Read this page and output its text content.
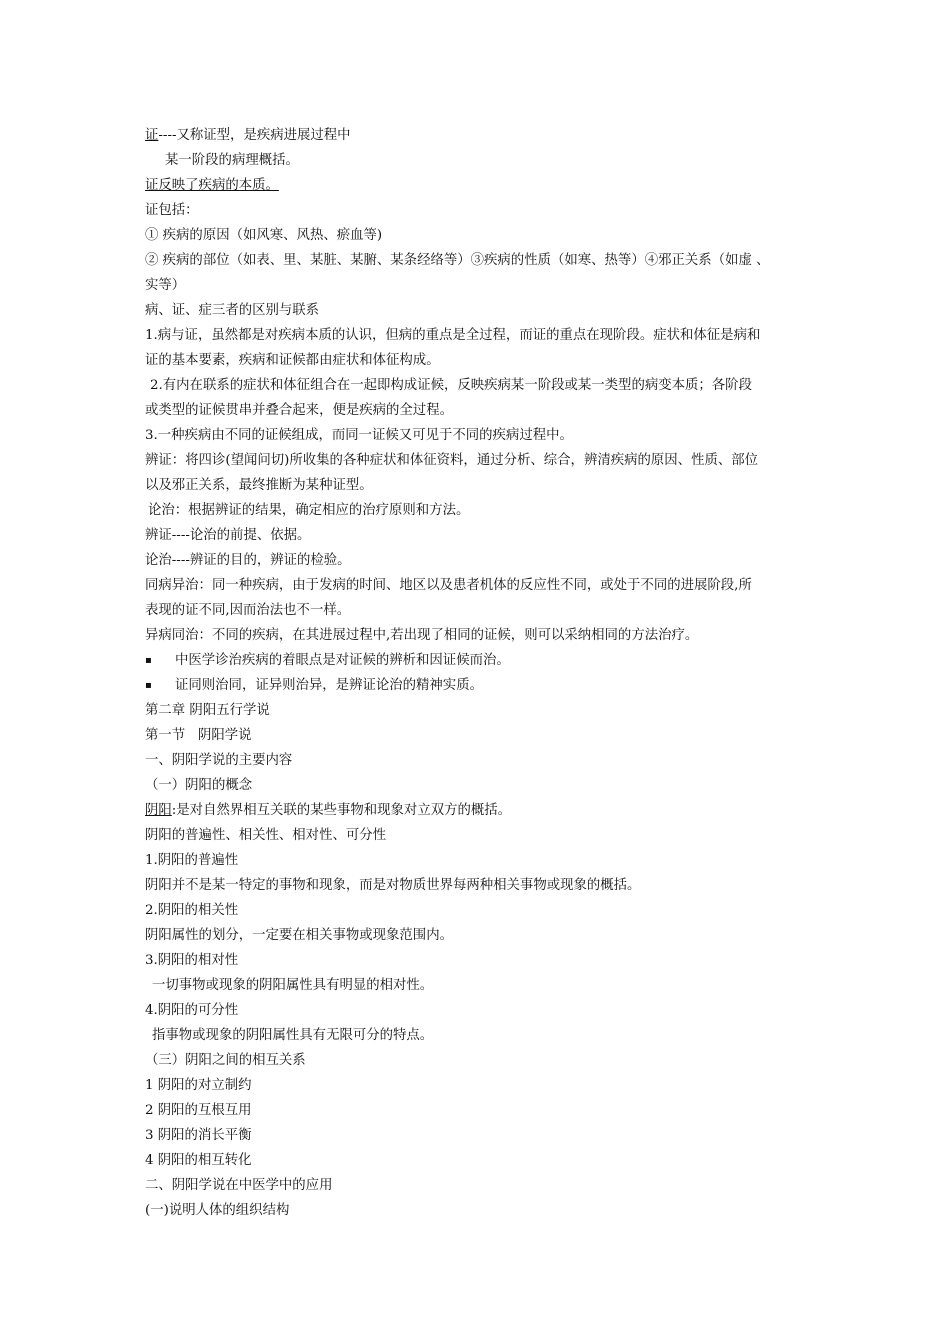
证----又称证型，是疾病进展过程中
某一阶段的病理概括。
证反映了疾病的本质。
证包括：
① 疾病的原因（如风寒、风热、瘀血等)
② 疾病的部位（如表、里、某脏、某腑、某条经络等）③疾病的性质（如寒、热等）④邪正关系（如虚 、
实等）
病、证、症三者的区别与联系
1.病与证，虽然都是对疾病本质的认识，但病的重点是全过程，而证的重点在现阶段。症状和体征是病和
证的基本要素，疾病和证候都由症状和体征构成。
2.有内在联系的症状和体征组合在一起即构成证候，反映疾病某一阶段或某一类型的病变本质；各阶段
或类型的证候贯串并叠合起来，便是疾病的全过程。
3.一种疾病由不同的证候组成，而同一证候又可见于不同的疾病过程中。
辨证：将四诊(望闻问切)所收集的各种症状和体征资料，通过分析、综合，辨清疾病的原因、性质、部位
以及邪正关系，最终推断为某种证型。
论治：根据辨证的结果，确定相应的治疗原则和方法。
辨证----论治的前提、依据。
论治----辨证的目的，辨证的检验。
同病异治：同一种疾病，由于发病的时间、地区以及患者机体的反应性不同，或处于不同的进展阶段,所
表现的证不同,因而治法也不一样。
异病同治：不同的疾病，在其进展过程中,若出现了相同的证候，则可以采纳相同的方法治疗。
▪ 中医学诊治疾病的着眼点是对证候的辨析和因证候而治。
▪ 证同则治同，证异则治异，是辨证论治的精神实质。
第二章 阴阳五行学说
第一节   阴阳学说
一、阴阳学说的主要内容
（一）阴阳的概念
阴阳:是对自然界相互关联的某些事物和现象对立双方的概括。
阴阳的普遍性、相关性、相对性、可分性
1.阴阳的普遍性
阴阳并不是某一特定的事物和现象，而是对物质世界每两种相关事物或现象的概括。
2.阴阳的相关性
阴阳属性的划分，一定要在相关事物或现象范围内。
3.阴阳的相对性
一切事物或现象的阴阳属性具有明显的相对性。
4.阴阳的可分性
指事物或现象的阴阳属性具有无限可分的特点。
（三）阴阳之间的相互关系
1 阴阳的对立制约
2 阴阳的互根互用
3 阴阳的消长平衡
4 阴阳的相互转化
二、阴阳学说在中医学中的应用
(一)说明人体的组织结构
